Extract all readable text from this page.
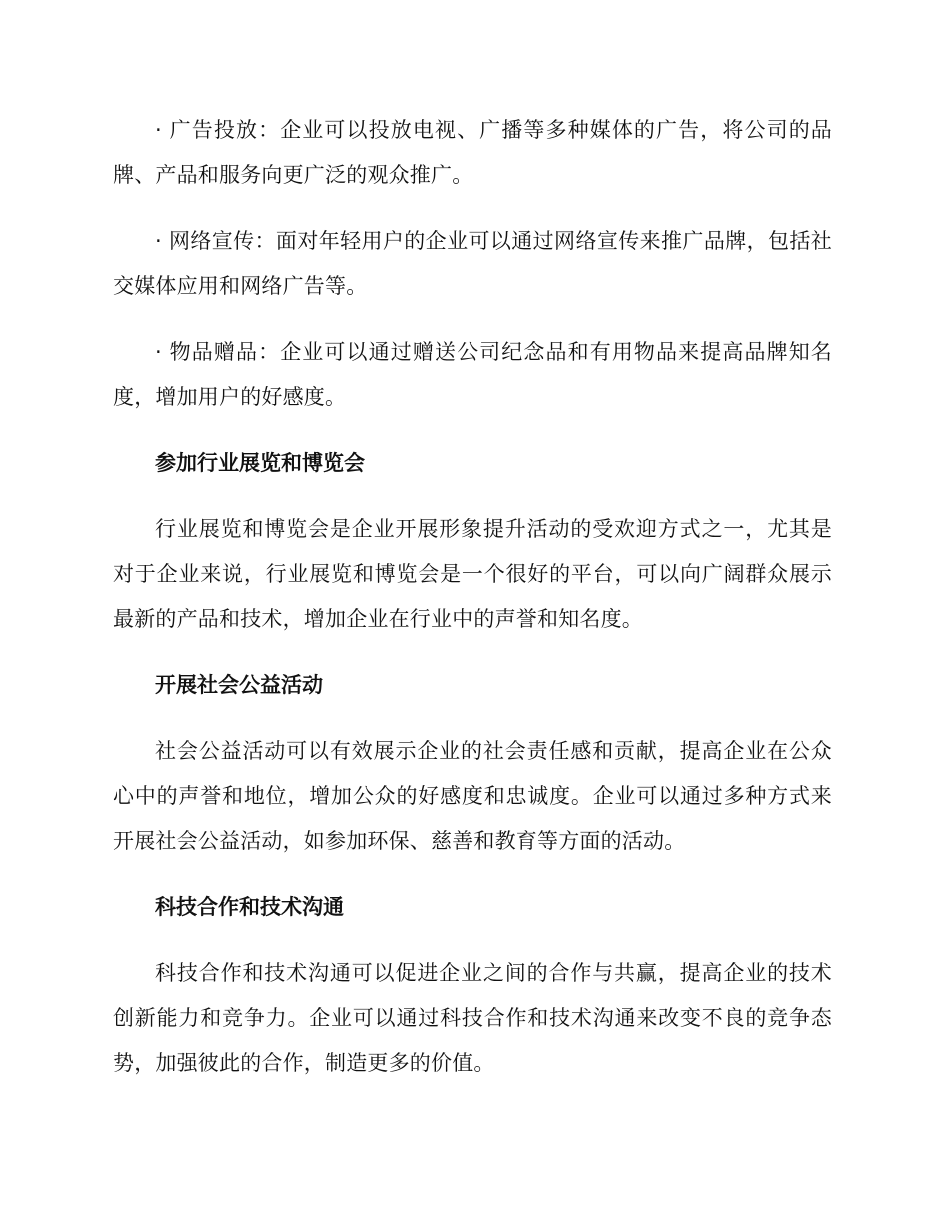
· 广告投放：企业可以投放电视、广播等多种媒体的广告，将公司的品牌、产品和服务向更广泛的观众推广。

· 网络宣传：面对年轻用户的企业可以通过网络宣传来推广品牌，包括社交媒体应用和网络广告等。

· 物品赠品：企业可以通过赠送公司纪念品和有用物品来提高品牌知名度，增加用户的好感度。

参加行业展览和博览会

行业展览和博览会是企业开展形象提升活动的受欢迎方式之一，尤其是对于企业来说，行业展览和博览会是一个很好的平台，可以向广阔群众展示最新的产品和技术，增加企业在行业中的声誉和知名度。

开展社会公益活动

社会公益活动可以有效展示企业的社会责任感和贡献，提高企业在公众心中的声誉和地位，增加公众的好感度和忠诚度。企业可以通过多种方式来开展社会公益活动，如参加环保、慈善和教育等方面的活动。

科技合作和技术沟通

科技合作和技术沟通可以促进企业之间的合作与共赢，提高企业的技术创新能力和竞争力。企业可以通过科技合作和技术沟通来改变不良的竞争态势，加强彼此的合作，制造更多的价值。
